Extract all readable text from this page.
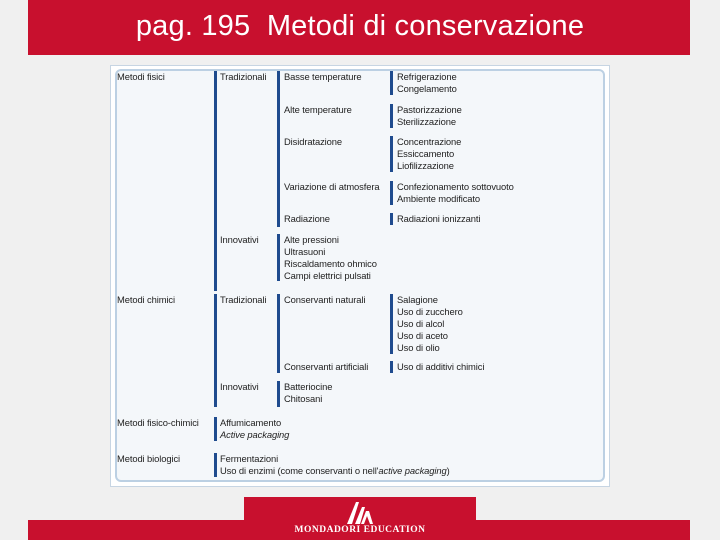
pag. 195  Metodi di conservazione
Metodi fisici
Metodi chimici
Metodi fisico-chimici
Metodi biologici
Tradizionali
Innovativi
Tradizionali
Innovativi
Affumicamento
Active packaging
Fermentazioni
Uso di enzimi (come conservanti o nell'active packaging)
Basse temperature
Alte temperature
Disidratazione
Variazione di atmosfera
Radiazione
Alte pressioni
Ultrasuoni
Riscaldamento ohmico
Campi elettrici pulsati
Conservanti naturali
Conservanti artificiali
Batteriocine
Chitosani
Refrigerazione
Congelamento
Pastorizzazione
Sterilizzazione
Concentrazione
Essiccamento
Liofilizzazione
Confezionamento sottovuoto
Ambiente modificato
Radiazioni ionizzanti
Salagione
Uso di zucchero
Uso di alcol
Uso di aceto
Uso di olio
Uso di additivi chimici
MONDADORI EDUCATION
